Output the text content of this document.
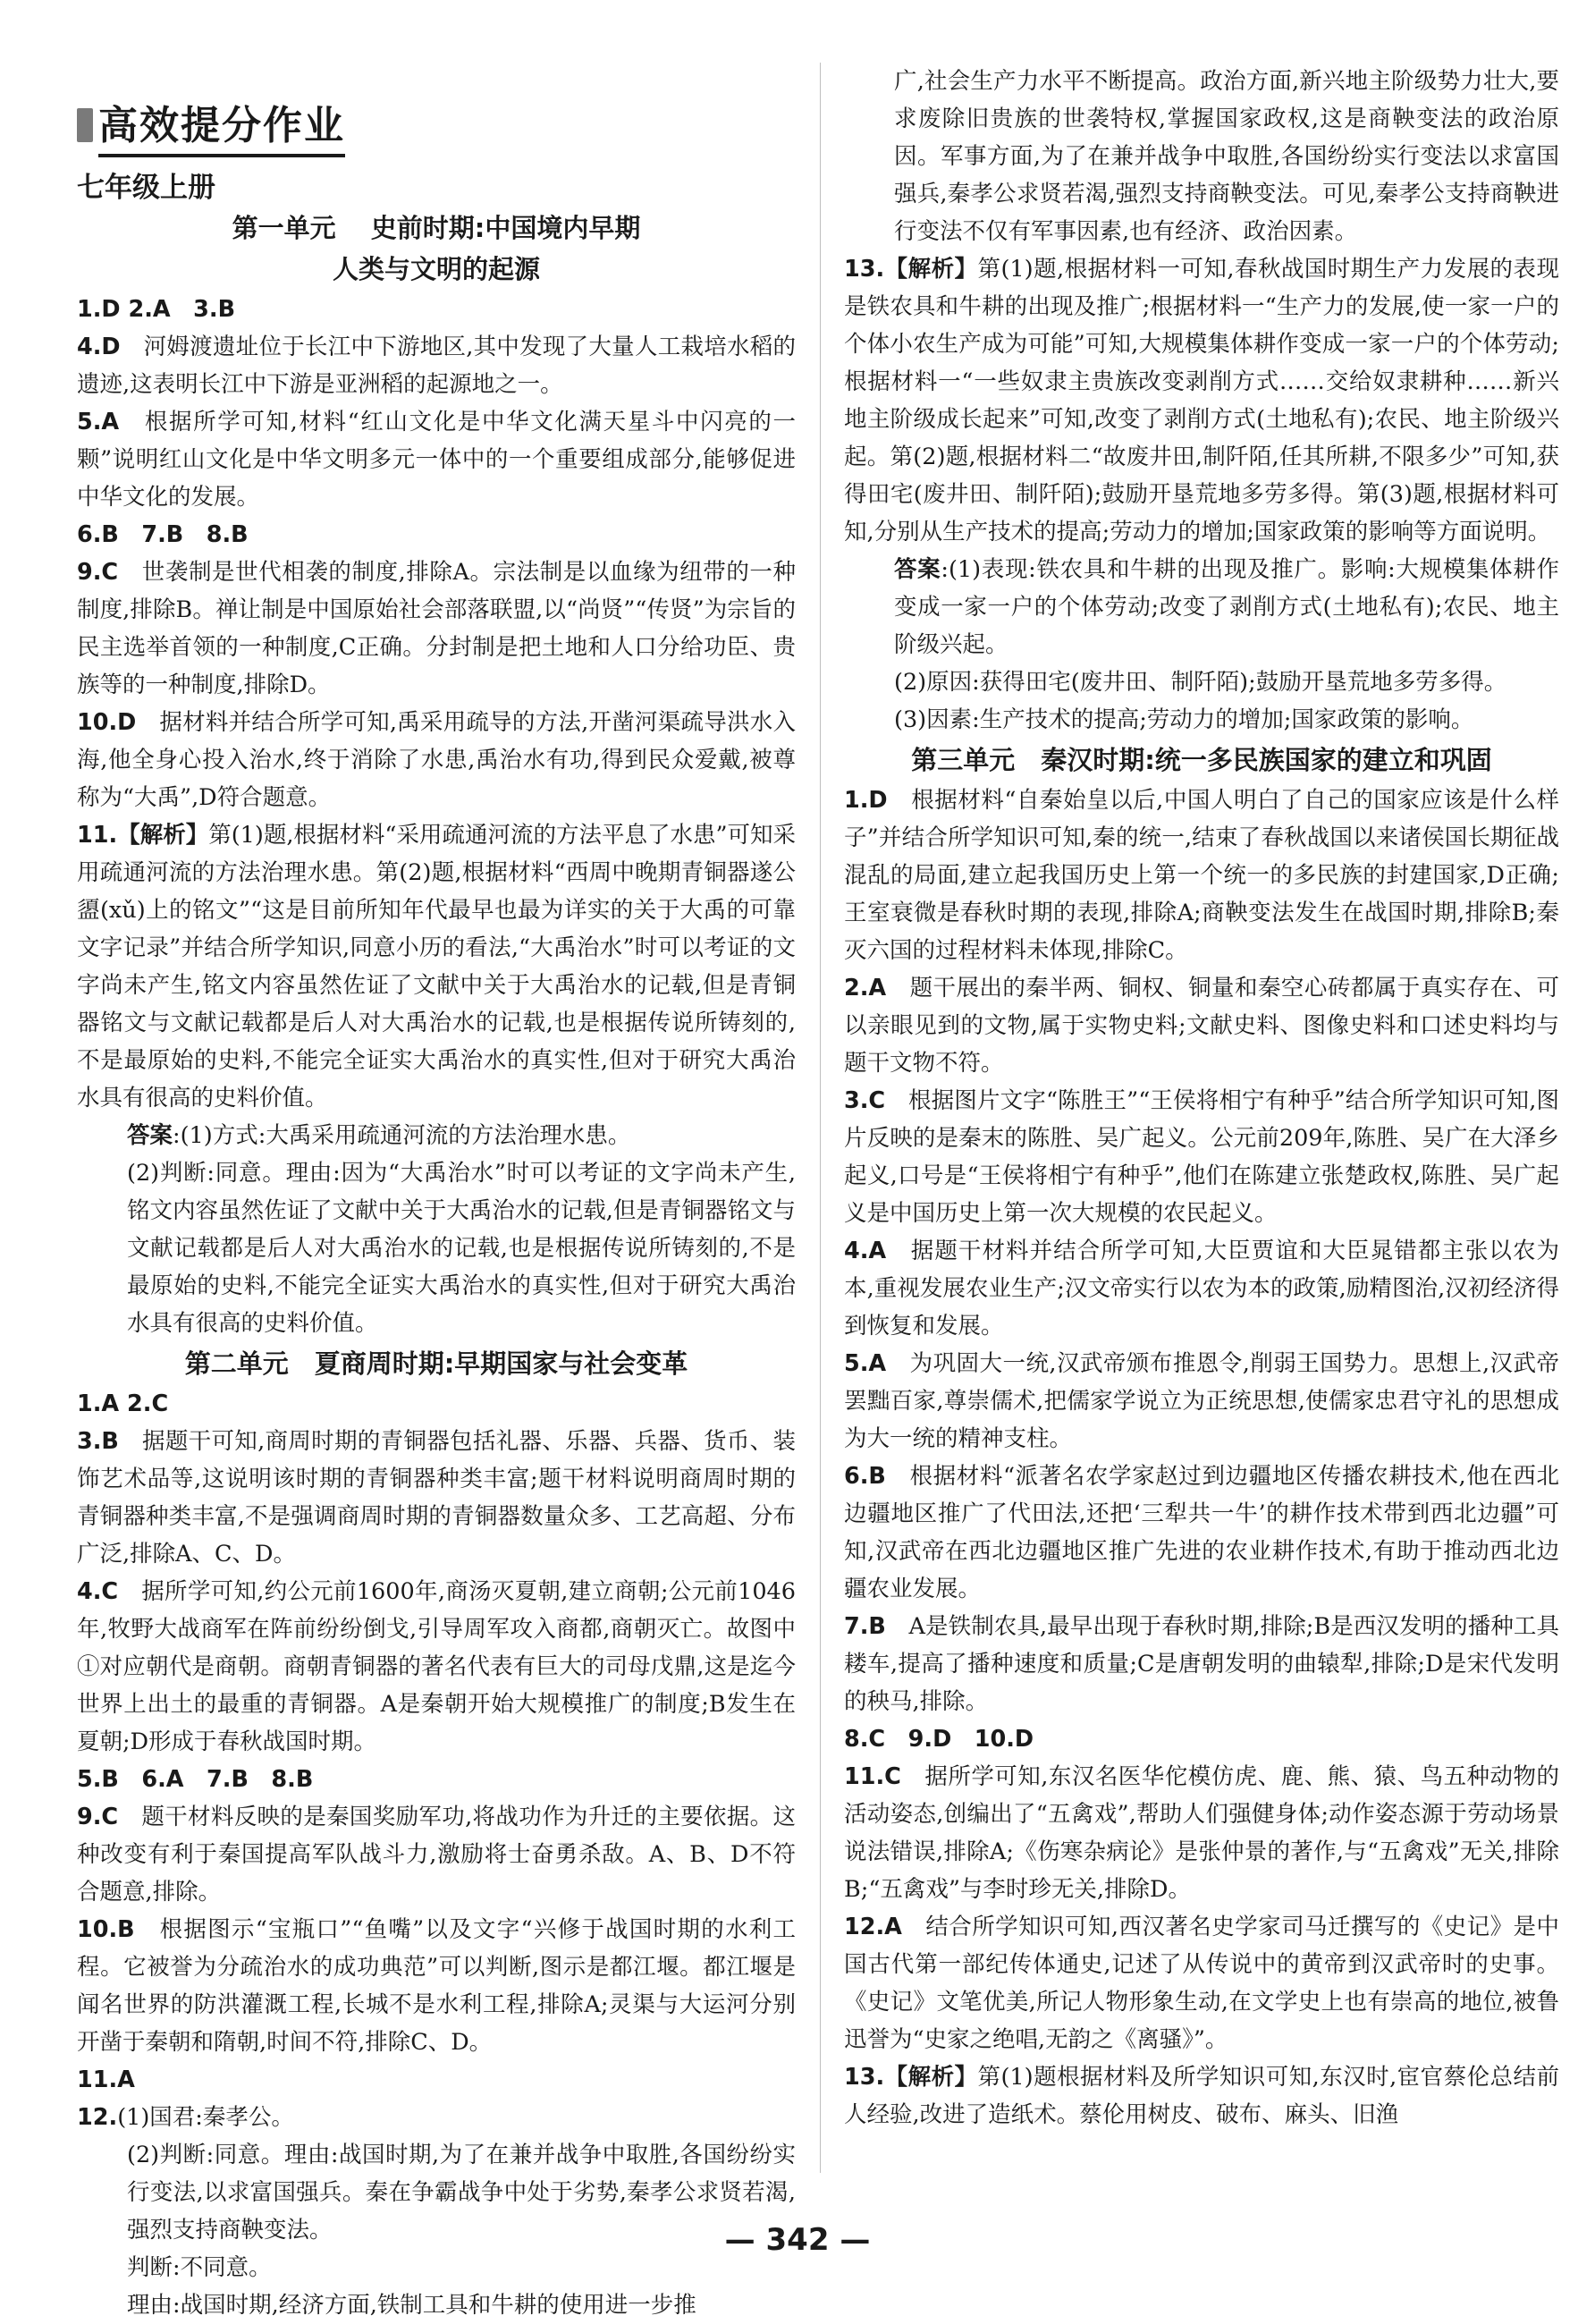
高效提分作业
七年级上册
第一单元　 史前时期:中国境内早期
人类与文明的起源

1.D 2.A　3.B

4.D　河姆渡遗址位于长江中下游地区,其中发现了大量人工栽培水稻的遗迹,这表明长江中下游是亚洲稻的起源地之一。

5.A　根据所学可知,材料“红山文化是中华文化满天星斗中闪亮的一颗”说明红山文化是中华文明多元一体中的一个重要组成部分,能够促进中华文化的发展。

6.B　7.B　8.B

9.C　世袭制是世代相袭的制度,排除A。宗法制是以血缘为纽带的一种制度,排除B。禅让制是中国原始社会部落联盟,以“尚贤”“传贤”为宗旨的民主选举首领的一种制度,C正确。分封制是把土地和人口分给功臣、贵族等的一种制度,排除D。

10.D　据材料并结合所学可知,禹采用疏导的方法,开凿河渠疏导洪水入海,他全身心投入治水,终于消除了水患,禹治水有功,得到民众爱戴,被尊称为“大禹”,D符合题意。

11.【解析】第(1)题,根据材料“采用疏通河流的方法平息了水患”可知采用疏通河流的方法治理水患。第(2)题,根据材料“西周中晚期青铜器遂公盨(xǔ)上的铭文”“这是目前所知年代最早也最为详实的关于大禹的可靠文字记录”并结合所学知识,同意小历的看法,“大禹治水”时可以考证的文字尚未产生,铭文内容虽然佐证了文献中关于大禹治水的记载,但是青铜器铭文与文献记载都是后人对大禹治水的记载,也是根据传说所铸刻的,不是最原始的史料,不能完全证实大禹治水的真实性,但对于研究大禹治水具有很高的史料价值。

答案:(1)方式:大禹采用疏通河流的方法治理水患。

(2)判断:同意。理由:因为“大禹治水”时可以考证的文字尚未产生,铭文内容虽然佐证了文献中关于大禹治水的记载,但是青铜器铭文与文献记载都是后人对大禹治水的记载,也是根据传说所铸刻的,不是最原始的史料,不能完全证实大禹治水的真实性,但对于研究大禹治水具有很高的史料价值。

第二单元　夏商周时期:早期国家与社会变革

1.A 2.C

3.B　据题干可知,商周时期的青铜器包括礼器、乐器、兵器、货币、装饰艺术品等,这说明该时期的青铜器种类丰富;题干材料说明商周时期的青铜器种类丰富,不是强调商周时期的青铜器数量众多、工艺高超、分布广泛,排除A、C、D。

4.C　据所学可知,约公元前1600年,商汤灭夏朝,建立商朝;公元前1046年,牧野大战商军在阵前纷纷倒戈,引导周军攻入商都,商朝灭亡。故图中①对应朝代是商朝。商朝青铜器的著名代表有巨大的司母戊鼎,这是迄今世界上出土的最重的青铜器。A是秦朝开始大规模推广的制度;B发生在夏朝;D形成于春秋战国时期。

5.B　6.A　7.B　8.B

9.C　题干材料反映的是秦国奖励军功,将战功作为升迁的主要依据。这种改变有利于秦国提高军队战斗力,激励将士奋勇杀敌。A、B、D不符合题意,排除。

10.B　根据图示“宝瓶口”“鱼嘴”以及文字“兴修于战国时期的水利工程。它被誉为分疏治水的成功典范”可以判断,图示是都江堰。都江堰是闻名世界的防洪灌溉工程,长城不是水利工程,排除A;灵渠与大运河分别开凿于秦朝和隋朝,时间不符,排除C、D。

11.A

12.(1)国君:秦孝公。

(2)判断:同意。理由:战国时期,为了在兼并战争中取胜,各国纷纷实行变法,以求富国强兵。秦在争霸战争中处于劣势,秦孝公求贤若渴,强烈支持商鞅变法。

判断:不同意。

理由:战国时期,经济方面,铁制工具和牛耕的使用进一步推

广,社会生产力水平不断提高。政治方面,新兴地主阶级势力壮大,要求废除旧贵族的世袭特权,掌握国家政权,这是商鞅变法的政治原因。军事方面,为了在兼并战争中取胜,各国纷纷实行变法以求富国强兵,秦孝公求贤若渴,强烈支持商鞅变法。可见,秦孝公支持商鞅进行变法不仅有军事因素,也有经济、政治因素。

13.【解析】第(1)题,根据材料一可知,春秋战国时期生产力发展的表现是铁农具和牛耕的出现及推广;根据材料一“生产力的发展,使一家一户的个体小农生产成为可能”可知,大规模集体耕作变成一家一户的个体劳动;根据材料一“一些奴隶主贵族改变剥削方式……交给奴隶耕种……新兴地主阶级成长起来”可知,改变了剥削方式(土地私有);农民、地主阶级兴起。第(2)题,根据材料二“故废井田,制阡陌,任其所耕,不限多少”可知,获得田宅(废井田、制阡陌);鼓励开垦荒地多劳多得。第(3)题,根据材料可知,分别从生产技术的提高;劳动力的增加;国家政策的影响等方面说明。

答案:(1)表现:铁农具和牛耕的出现及推广。影响:大规模集体耕作变成一家一户的个体劳动;改变了剥削方式(土地私有);农民、地主阶级兴起。

(2)原因:获得田宅(废井田、制阡陌);鼓励开垦荒地多劳多得。

(3)因素:生产技术的提高;劳动力的增加;国家政策的影响。

第三单元　秦汉时期:统一多民族国家的建立和巩固

1.D　根据材料“自秦始皇以后,中国人明白了自己的国家应该是什么样子”并结合所学知识可知,秦的统一,结束了春秋战国以来诸侯国长期征战混乱的局面,建立起我国历史上第一个统一的多民族的封建国家,D正确;王室衰微是春秋时期的表现,排除A;商鞅变法发生在战国时期,排除B;秦灭六国的过程材料未体现,排除C。

2.A　题干展出的秦半两、铜权、铜量和秦空心砖都属于真实存在、可以亲眼见到的文物,属于实物史料;文献史料、图像史料和口述史料均与题干文物不符。

3.C　根据图片文字“陈胜王”“王侯将相宁有种乎”结合所学知识可知,图片反映的是秦末的陈胜、吴广起义。公元前209年,陈胜、吴广在大泽乡起义,口号是“王侯将相宁有种乎”,他们在陈建立张楚政权,陈胜、吴广起义是中国历史上第一次大规模的农民起义。

4.A　据题干材料并结合所学可知,大臣贾谊和大臣晁错都主张以农为本,重视发展农业生产;汉文帝实行以农为本的政策,励精图治,汉初经济得到恢复和发展。

5.A　为巩固大一统,汉武帝颁布推恩令,削弱王国势力。思想上,汉武帝罢黜百家,尊崇儒术,把儒家学说立为正统思想,使儒家忠君守礼的思想成为大一统的精神支柱。

6.B　根据材料“派著名农学家赵过到边疆地区传播农耕技术,他在西北边疆地区推广了代田法,还把‘三犁共一牛’的耕作技术带到西北边疆”可知,汉武帝在西北边疆地区推广先进的农业耕作技术,有助于推动西北边疆农业发展。

7.B　A是铁制农具,最早出现于春秋时期,排除;B是西汉发明的播种工具耧车,提高了播种速度和质量;C是唐朝发明的曲辕犁,排除;D是宋代发明的秧马,排除。

8.C　9.D　10.D

11.C　据所学可知,东汉名医华佗模仿虎、鹿、熊、猿、鸟五种动物的活动姿态,创编出了“五禽戏”,帮助人们强健身体;动作姿态源于劳动场景说法错误,排除A;《伤寒杂病论》是张仲景的著作,与“五禽戏”无关,排除B;“五禽戏”与李时珍无关,排除D。

12.A　结合所学知识可知,西汉著名史学家司马迁撰写的《史记》是中国古代第一部纪传体通史,记述了从传说中的黄帝到汉武帝时的史事。《史记》文笔优美,所记人物形象生动,在文学史上也有崇高的地位,被鲁迅誉为“史家之绝唱,无韵之《离骚》”。

13.【解析】第(1)题根据材料及所学知识可知,东汉时,宦官蔡伦总结前人经验,改进了造纸术。蔡伦用树皮、破布、麻头、旧渔

— 342 —
